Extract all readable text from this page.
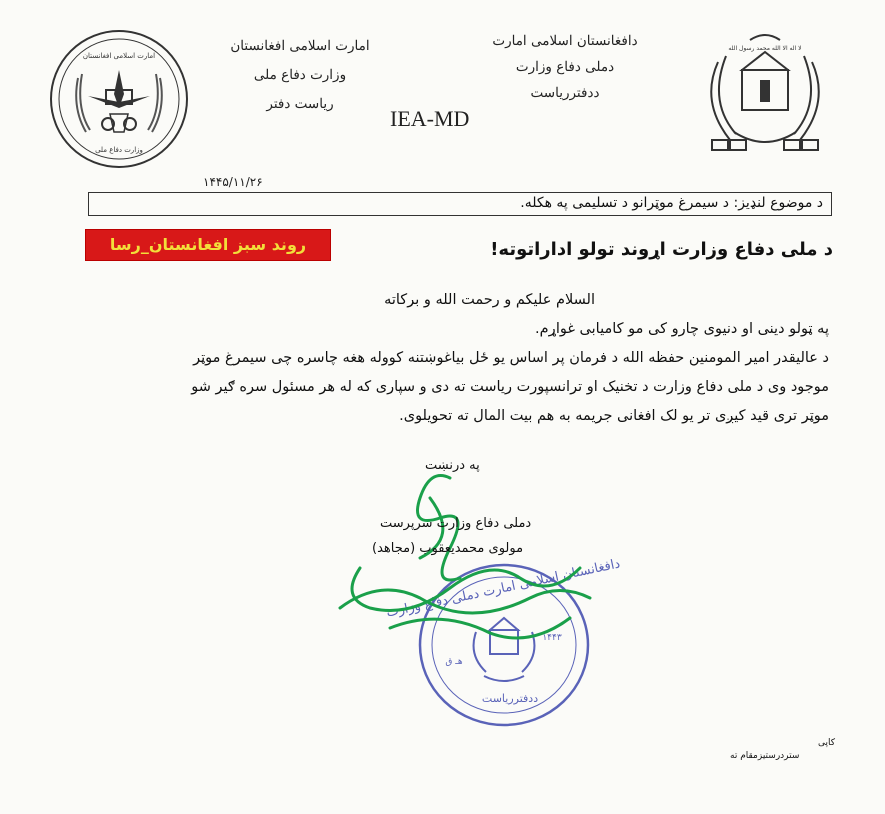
امارت اسلامی افغانستان
وزارت دفاع ملی
لا اله الا الله محمد رسول الله
دافغانستان اسلامی امارت
دملی دفاع وزارت
ددفترریاست
امارت اسلامی افغانستان
وزارت دفاع ملی
ریاست دفتر
IEA-MD
۱۴۴۵/۱۱/۲۶
د موضوع لنډیز: د سیمرغ موټرانو د تسلیمی په هکله.
روند سبز افغانستان_رسا	د ملی دفاع وزارت اړوند تولو اداراتوته!
السلام علیکم و رحمت الله و برکاته
په ټولو دینی او دنیوی چارو کی مو کامیابی غواړم.
د عالیقدر امیر المومنین حفظه الله د فرمان پر اساس یو ځل بیاغوښتنه کووله هغه چاسره چی سیمرغ موټر
موجود وی د ملی دفاع وزارت د تخنیک او ترانسپورت ریاست ته دی و سپاری که له هر مسئول سره ګیر شو
موټر تری قید کیږی تر یو لک افغانی جریمه به هم بیت المال ته تحویلوی.
په درنښت
دافغانستان اسلامی امارت دملی دفاع وزارت
۱۴۴۳
هـ ق
ددفترریاست
دملی دفاع وزارت سرپرست
مولوی محمدیعقوب (مجاهد)
کاپی
ستردرستیزمقام ته
